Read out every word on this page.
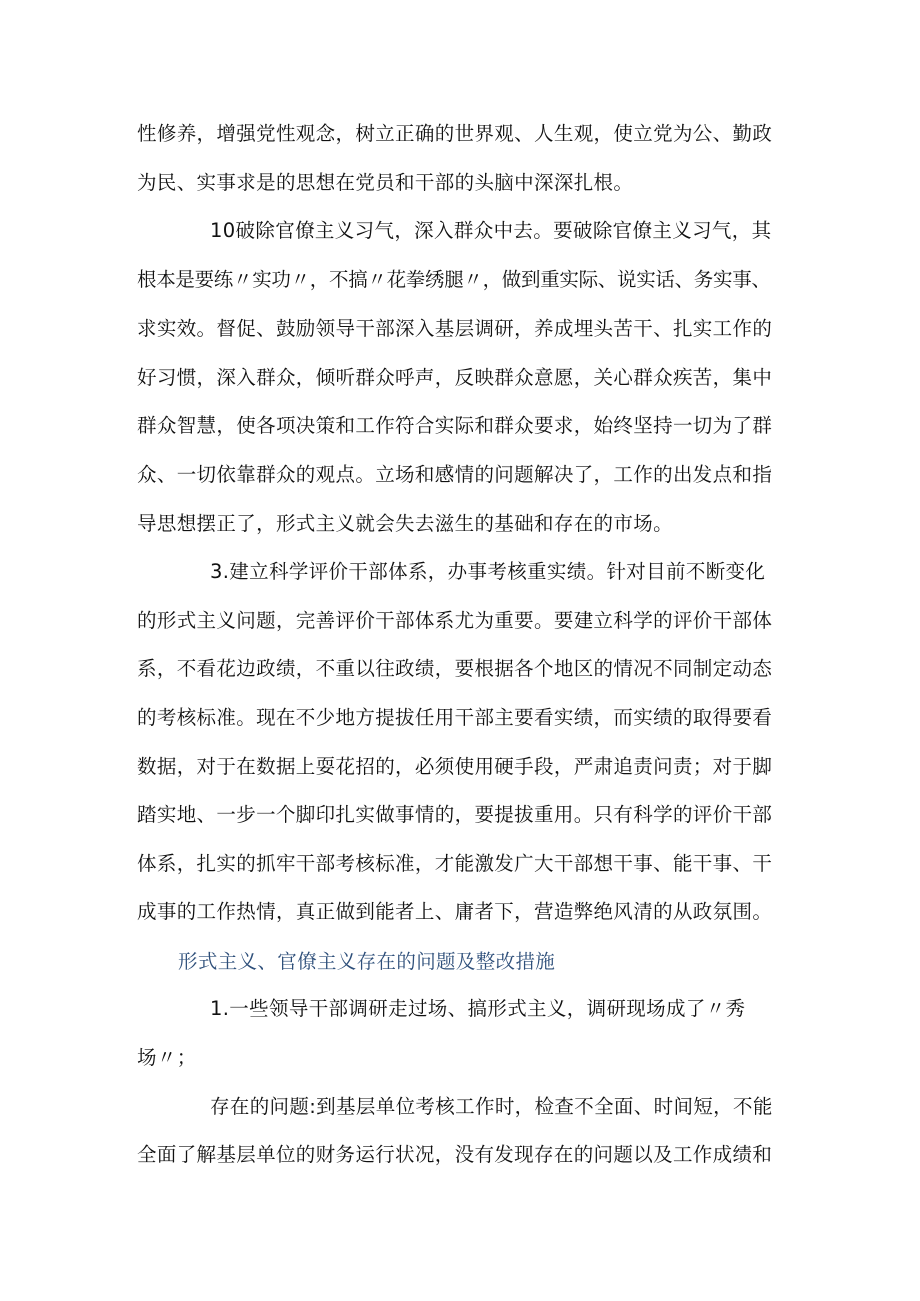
性修养，增强党性观念，树立正确的世界观、人生观，使立党为公、勤政
为民、实事求是的思想在党员和干部的头脑中深深扎根。
10破除官僚主义习气，深入群众中去。要破除官僚主义习气，其
根本是要练〃实功〃，不搞〃花拳绣腿〃，做到重实际、说实话、务实事、
求实效。督促、鼓励领导干部深入基层调研，养成埋头苦干、扎实工作的
好习惯，深入群众，倾听群众呼声，反映群众意愿，关心群众疾苦，集中
群众智慧，使各项决策和工作符合实际和群众要求，始终坚持一切为了群
众、一切依靠群众的观点。立场和感情的问题解决了，工作的出发点和指
导思想摆正了，形式主义就会失去滋生的基础和存在的市场。
3.建立科学评价干部体系，办事考核重实绩。针对目前不断变化
的形式主义问题，完善评价干部体系尤为重要。要建立科学的评价干部体
系，不看花边政绩，不重以往政绩，要根据各个地区的情况不同制定动态
的考核标准。现在不少地方提拔任用干部主要看实绩，而实绩的取得要看
数据，对于在数据上耍花招的，必须使用硬手段，严肃追责问责；对于脚
踏实地、一步一个脚印扎实做事情的，要提拔重用。只有科学的评价干部
体系，扎实的抓牢干部考核标准，才能激发广大干部想干事、能干事、干
成事的工作热情，真正做到能者上、庸者下，营造弊绝风清的从政氛围。
形式主义、官僚主义存在的问题及整改措施
1.一些领导干部调研走过场、搞形式主义，调研现场成了〃秀
场〃；
存在的问题:到基层单位考核工作时，检查不全面、时间短，不能
全面了解基层单位的财务运行状况，没有发现存在的问题以及工作成绩和
